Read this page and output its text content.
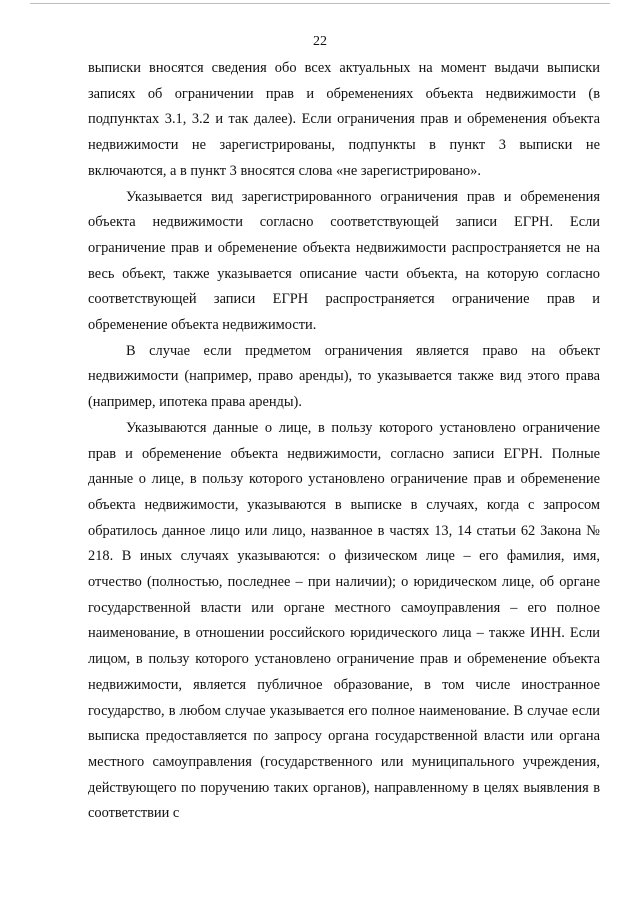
22

выписки вносятся сведения обо всех актуальных на момент выдачи выписки записях об ограничении прав и обременениях объекта недвижимости (в подпунктах 3.1, 3.2 и так далее). Если ограничения прав и обременения объекта недвижимости не зарегистрированы, подпункты в пункт 3 выписки не включаются, а в пункт 3 вносятся слова «не зарегистрировано».

Указывается вид зарегистрированного ограничения прав и обременения объекта недвижимости согласно соответствующей записи ЕГРН. Если ограничение прав и обременение объекта недвижимости распространяется не на весь объект, также указывается описание части объекта, на которую согласно соответствующей записи ЕГРН распространяется ограничение прав и обременение объекта недвижимости.

В случае если предметом ограничения является право на объект недвижимости (например, право аренды), то указывается также вид этого права (например, ипотека права аренды).

Указываются данные о лице, в пользу которого установлено ограничение прав и обременение объекта недвижимости, согласно записи ЕГРН. Полные данные о лице, в пользу которого установлено ограничение прав и обременение объекта недвижимости, указываются в выписке в случаях, когда с запросом обратилось данное лицо или лицо, названное в частях 13, 14 статьи 62 Закона № 218. В иных случаях указываются: о физическом лице – его фамилия, имя, отчество (полностью, последнее – при наличии); о юридическом лице, об органе государственной власти или органе местного самоуправления – его полное наименование, в отношении российского юридического лица – также ИНН. Если лицом, в пользу которого установлено ограничение прав и обременение объекта недвижимости, является публичное образование, в том числе иностранное государство, в любом случае указывается его полное наименование. В случае если выписка предоставляется по запросу органа государственной власти или органа местного самоуправления (государственного или муниципального учреждения, действующего по поручению таких органов), направленному в целях выявления в соответствии с
